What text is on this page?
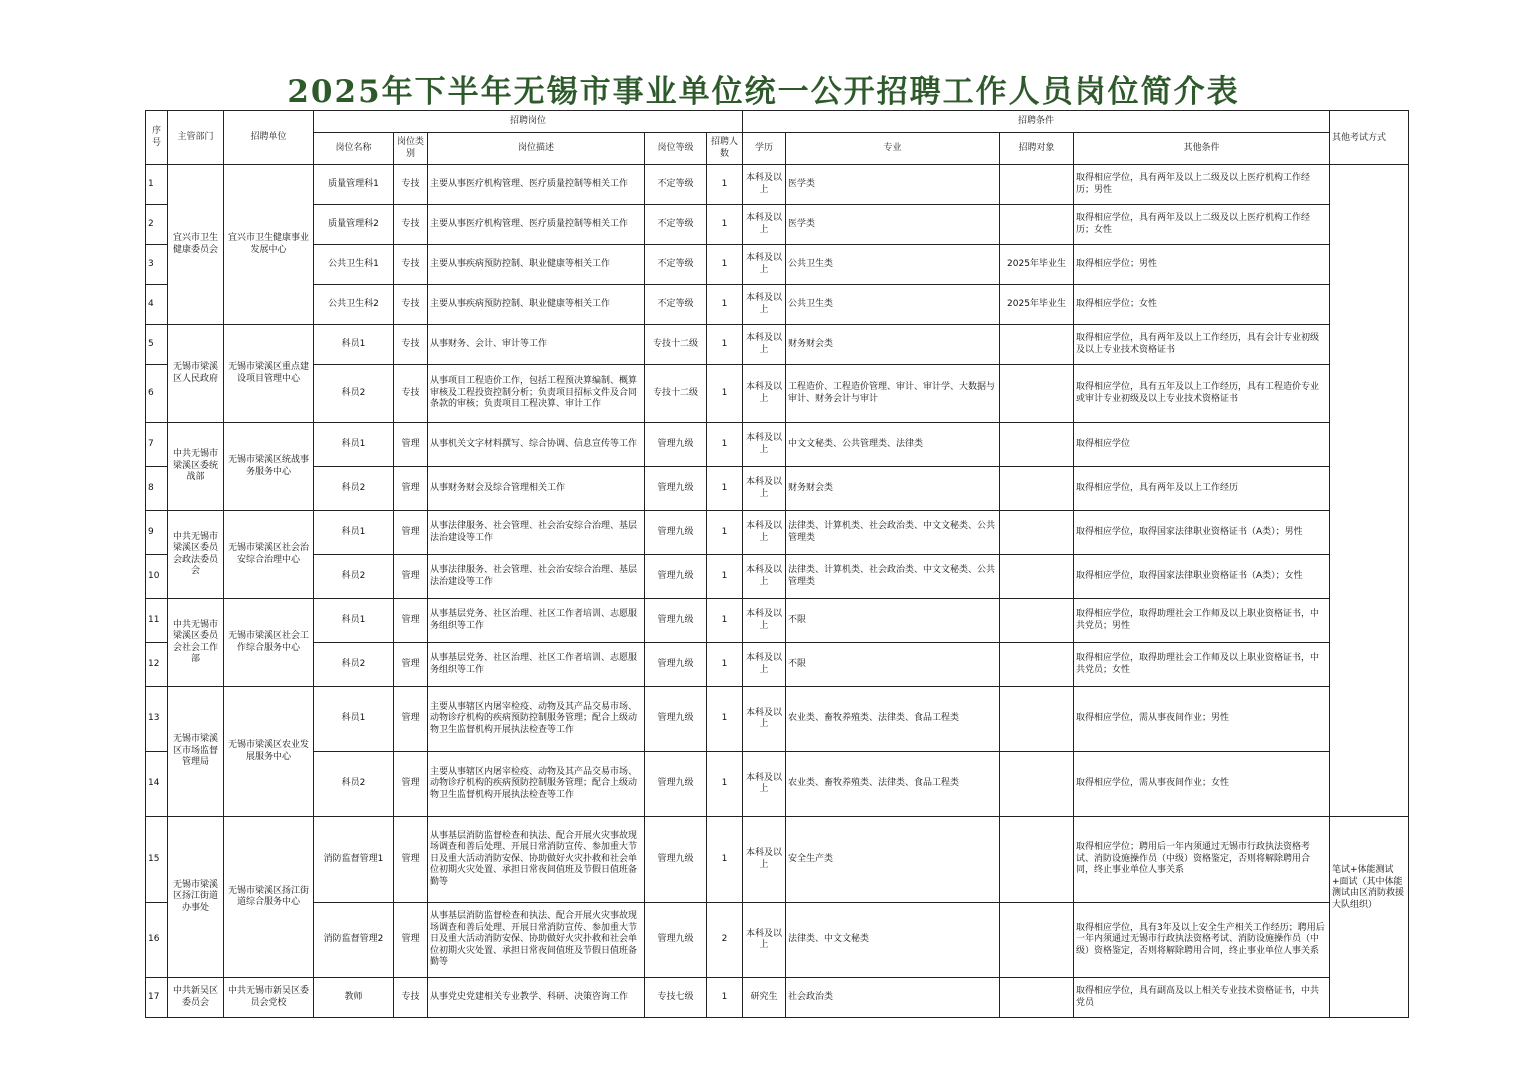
2025年下半年无锡市事业单位统一公开招聘工作人员岗位简介表
序号	主管部门	招聘单位	招聘岗位					招聘条件				其他考试方式
			岗位名称	岗位类别	岗位描述	岗位等级	招聘人数	学历	专业	招聘对象	其他条件	
1	宜兴市卫生健康委员会	宜兴市卫生健康事业发展中心	质量管理科1	专技	主要从事医疗机构管理、医疗质量控制等相关工作	不定等级	1	本科及以上	医学类		取得相应学位，具有两年及以上二级及以上医疗机构工作经历；男性	
2			质量管理科2	专技	主要从事医疗机构管理、医疗质量控制等相关工作	不定等级	1	本科及以上	医学类		取得相应学位，具有两年及以上二级及以上医疗机构工作经历；女性	
3			公共卫生科1	专技	主要从事疾病预防控制、职业健康等相关工作	不定等级	1	本科及以上	公共卫生类	2025年毕业生	取得相应学位；男性	
4			公共卫生科2	专技	主要从事疾病预防控制、职业健康等相关工作	不定等级	1	本科及以上	公共卫生类	2025年毕业生	取得相应学位；女性	
5	无锡市梁溪区人民政府	无锡市梁溪区重点建设项目管理中心	科员1	专技	从事财务、会计、审计等工作	专技十二级	1	本科及以上	财务财会类		取得相应学位，具有两年及以上工作经历，具有会计专业初级及以上专业技术资格证书	
6			科员2	专技	从事项目工程造价工作，包括工程预决算编制、概算审核及工程投资控制分析；负责项目招标文件及合同条款的审核；负责项目工程决算、审计工作	专技十二级	1	本科及以上	工程造价、工程造价管理、审计、审计学、大数据与审计、财务会计与审计		取得相应学位，具有五年及以上工作经历，具有工程造价专业或审计专业初级及以上专业技术资格证书	
7	中共无锡市梁溪区委统战部	无锡市梁溪区统战事务服务中心	科员1	管理	从事机关文字材料撰写、综合协调、信息宣传等工作	管理九级	1	本科及以上	中文文秘类、公共管理类、法律类		取得相应学位	
8			科员2	管理	从事财务财会及综合管理相关工作	管理九级	1	本科及以上	财务财会类		取得相应学位，具有两年及以上工作经历	
9	中共无锡市梁溪区委员会政法委员会	无锡市梁溪区社会治安综合治理中心	科员1	管理	从事法律服务、社会管理、社会治安综合治理、基层法治建设等工作	管理九级	1	本科及以上	法律类、计算机类、社会政治类、中文文秘类、公共管理类		取得相应学位，取得国家法律职业资格证书（A类）；男性	
10			科员2	管理	从事法律服务、社会管理、社会治安综合治理、基层法治建设等工作	管理九级	1	本科及以上	法律类、计算机类、社会政治类、中文文秘类、公共管理类		取得相应学位，取得国家法律职业资格证书（A类）；女性	
11	中共无锡市梁溪区委员会社会工作部	无锡市梁溪区社会工作综合服务中心	科员1	管理	从事基层党务、社区治理、社区工作者培训、志愿服务组织等工作	管理九级	1	本科及以上	不限		取得相应学位，取得助理社会工作师及以上职业资格证书，中共党员；男性	
12			科员2	管理	从事基层党务、社区治理、社区工作者培训、志愿服务组织等工作	管理九级	1	本科及以上	不限		取得相应学位，取得助理社会工作师及以上职业资格证书，中共党员；女性	
13	无锡市梁溪区市场监督管理局	无锡市梁溪区农业发展服务中心	科员1	管理	主要从事辖区内屠宰检疫、动物及其产品交易市场、动物诊疗机构的疾病预防控制服务管理；配合上级动物卫生监督机构开展执法检查等工作	管理九级	1	本科及以上	农业类、畜牧养殖类、法律类、食品工程类		取得相应学位，需从事夜间作业；男性	
14			科员2	管理	主要从事辖区内屠宰检疫、动物及其产品交易市场、动物诊疗机构的疾病预防控制服务管理；配合上级动物卫生监督机构开展执法检查等工作	管理九级	1	本科及以上	农业类、畜牧养殖类、法律类、食品工程类		取得相应学位，需从事夜间作业；女性	
15	无锡市梁溪区扬江街道办事处	无锡市梁溪区扬江街道综合服务中心	消防监督管理1	管理	从事基层消防监督检查和执法、配合开展火灾事故现场调查和善后处理、开展日常消防宣传、参加重大节日及重大活动消防安保、协助做好火灾扑救和社会单位初期火灾处置、承担日常夜间值班及节假日值班备勤等	管理九级	1	本科及以上	安全生产类		取得相应学位；聘用后一年内须通过无锡市行政执法资格考试、消防设施操作员（中级）资格鉴定，否则将解除聘用合同，终止事业单位人事关系	笔试+体能测试+面试（其中体能测试由区消防救援大队组织）
16			消防监督管理2	管理	从事基层消防监督检查和执法、配合开展火灾事故现场调查和善后处理、开展日常消防宣传、参加重大节日及重大活动消防安保、协助做好火灾扑救和社会单位初期火灾处置、承担日常夜间值班及节假日值班备勤等	管理九级	2	本科及以上	法律类、中文文秘类		取得相应学位，具有3年及以上安全生产相关工作经历；聘用后一年内须通过无锡市行政执法资格考试、消防设施操作员（中级）资格鉴定，否则将解除聘用合同，终止事业单位人事关系	
17	中共新吴区委员会	中共无锡市新吴区委员会党校	教师	专技	从事党史党建相关专业教学、科研、决策咨询工作	专技七级	1	研究生	社会政治类		取得相应学位，具有副高及以上相关专业技术资格证书，中共党员	
